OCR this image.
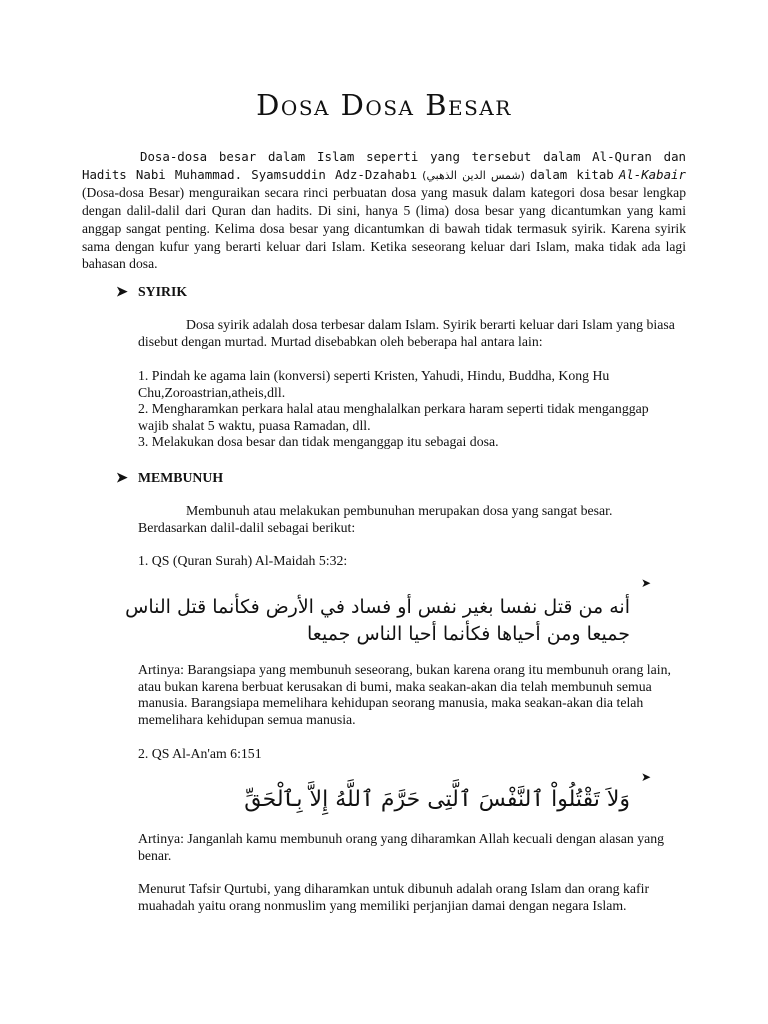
Dosa Dosa Besar
Dosa-dosa besar dalam Islam seperti yang tersebut dalam Al-Quran dan Hadits Nabi Muhammad. Syamsuddin Adz-Dzahabı (شمس الدين الذهبي) dalam kitab Al-Kabair (Dosa-dosa Besar) menguraikan secara rinci perbuatan dosa yang masuk dalam kategori dosa besar lengkap dengan dalil-dalil dari Quran dan hadits. Di sini, hanya 5 (lima) dosa besar yang dicantumkan yang kami anggap sangat penting. Kelima dosa besar yang dicantumkan di bawah tidak termasuk syirik. Karena syirik sama dengan kufur yang berarti keluar dari Islam. Ketika seseorang keluar dari Islam, maka tidak ada lagi bahasan dosa.
➤ SYIRIK
Dosa syirik adalah dosa terbesar dalam Islam. Syirik berarti keluar dari Islam yang biasa disebut dengan murtad. Murtad disebabkan oleh beberapa hal antara lain:
1. Pindah ke agama lain (konversi) seperti Kristen, Yahudi, Hindu, Buddha, Kong Hu Chu,Zoroastrian,atheis,dll.
2. Mengharamkan perkara halal atau menghalalkan perkara haram seperti tidak menganggap wajib shalat 5 waktu, puasa Ramadan, dll.
3. Melakukan dosa besar dan tidak menganggap itu sebagai dosa.
➤ MEMBUNUH
Membunuh atau melakukan pembunuhan merupakan dosa yang sangat besar. Berdasarkan dalil-dalil sebagai berikut:
1. QS (Quran Surah) Al-Maidah 5:32:
➤
أنه من قتل نفسا بغير نفس أو فساد في الأرض فكأنما قتل الناس جميعا ومن أحياها فكأنما أحيا الناس جميعا
Artinya: Barangsiapa yang membunuh seseorang, bukan karena orang itu membunuh orang lain, atau bukan karena berbuat kerusakan di bumi, maka seakan-akan dia telah membunuh semua manusia. Barangsiapa memelihara kehidupan seorang manusia, maka seakan-akan dia telah memelihara kehidupan semua manusia.
2. QS Al-An'am 6:151
➤
وَلاَ تَقْتُلُواْ ٱلنَّفْسَ ٱلَّتِى حَرَّمَ ٱللَّهُ إِلاَّ بِٱلْحَقِّ
Artinya: Janganlah kamu membunuh orang yang diharamkan Allah kecuali dengan alasan yang benar.
Menurut Tafsir Qurtubi, yang diharamkan untuk dibunuh adalah orang Islam dan orang kafir muahadah yaitu orang nonmuslim yang memiliki perjanjian damai dengan negara Islam.
